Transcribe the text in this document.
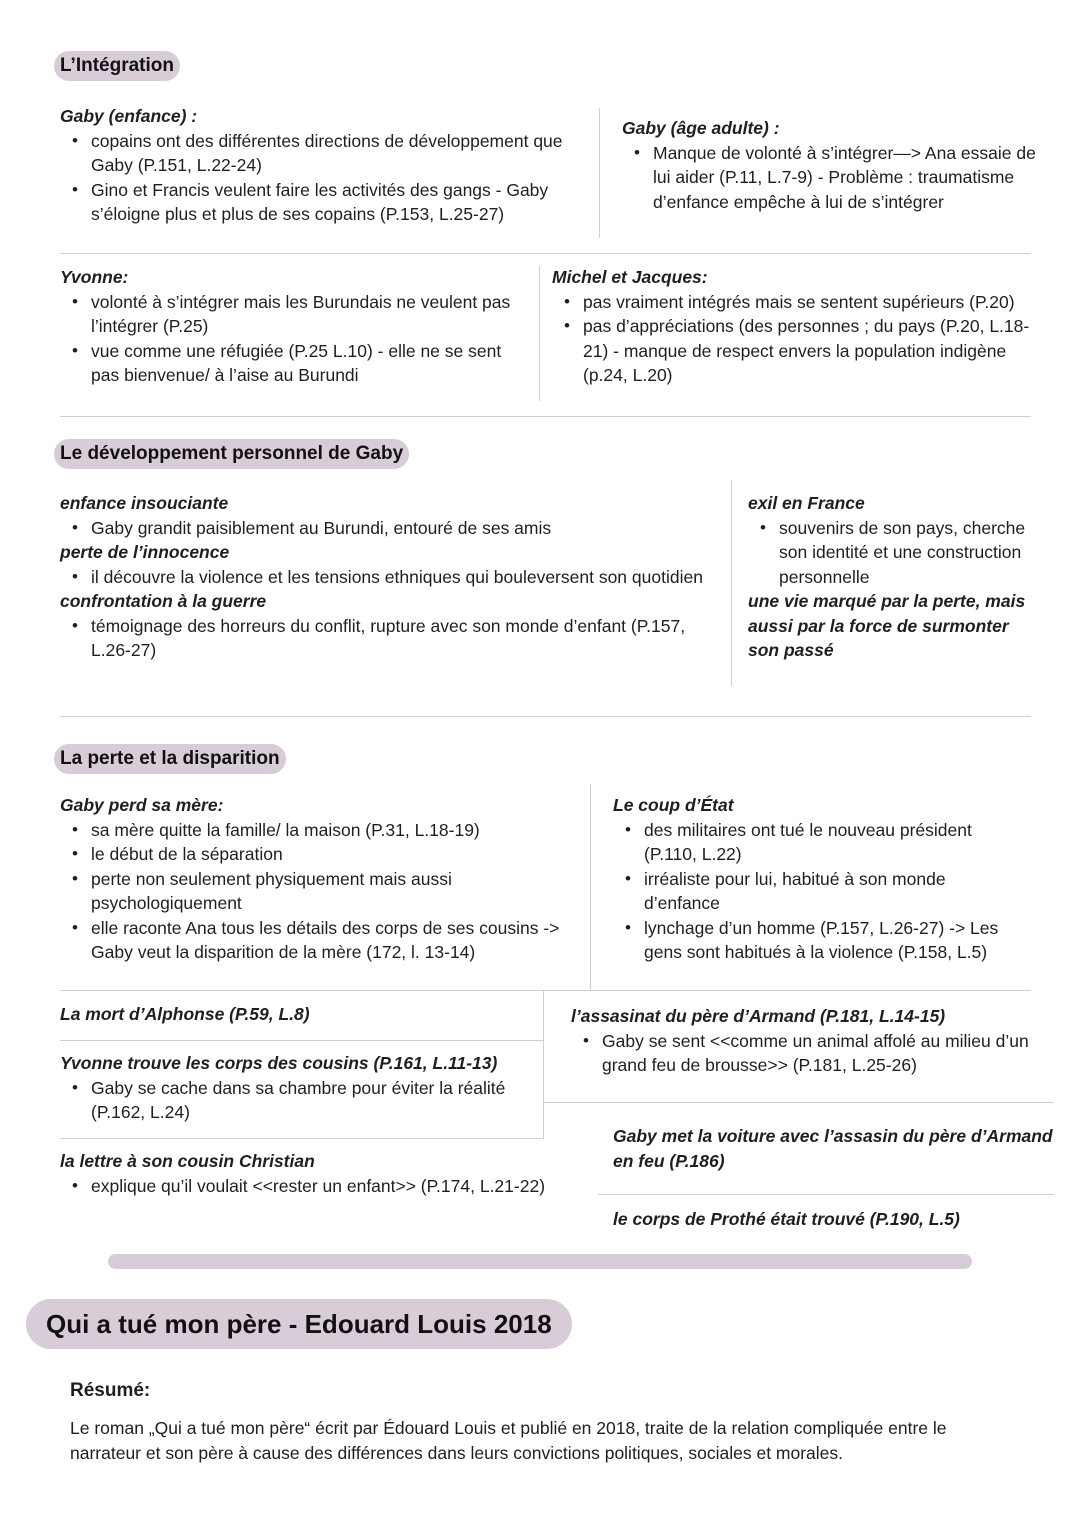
L’Intégration
Gaby (enfance) :
• copains ont des différentes directions de développement que Gaby (P.151, L.22-24)
• Gino et Francis veulent faire les activités des gangs - Gaby s’éloigne plus et plus de ses copains (P.153, L.25-27)
Gaby (âge adulte) :
• Manque de volonté à s’intégrer—> Ana essaie de lui aider (P.11, L.7-9) - Problème : traumatisme d’enfance empêche à lui de s’intégrer
Yvonne:
• volonté à s’intégrer mais les Burundais ne veulent pas l’intégrer (P.25)
• vue comme une réfugiée (P.25 L.10) - elle ne se sent pas bienvenue/ à l’aise au Burundi
Michel et Jacques:
• pas vraiment intégrés mais se sentent supérieurs (P.20)
• pas d’appréciations (des personnes ; du pays (P.20, L.18-21) - manque de respect envers la population indigène (p.24, L.20)
Le développement personnel de Gaby
enfance insouciante
• Gaby grandit paisiblement au Burundi, entouré de ses amis
perte de l’innocence
• il découvre la violence et les tensions ethniques qui bouleversent son quotidien
confrontation à la guerre
• témoignage des horreurs du conflit, rupture avec son monde d’enfant (P.157, L.26-27)
exil en France
• souvenirs de son pays, cherche son identité et une construction personnelle
une vie marqué par la perte, mais aussi par la force de surmonter son passé
La perte et la disparition
Gaby perd sa mère:
• sa mère quitte la famille/ la maison (P.31, L.18-19)
• le début de la séparation
• perte non seulement physiquement mais aussi psychologiquement
• elle raconte Ana tous les détails des corps de ses cousins -> Gaby veut la disparition de la mère (172, l. 13-14)
Le coup d’État
• des militaires ont tué le nouveau président (P.110, L.22)
• irréaliste pour lui, habitué à son monde d’enfance
• lynchage d’un homme (P.157, L.26-27) -> Les gens sont habitués à la violence (P.158, L.5)
La mort d’Alphonse (P.59, L.8)
Yvonne trouve les corps des cousins (P.161, L.11-13)
• Gaby se cache dans sa chambre pour éviter la réalité (P.162, L.24)
la lettre à son cousin Christian
• explique qu’il voulait <<rester un enfant>> (P.174, L.21-22)
l’assasinat du père d’Armand (P.181, L.14-15)
• Gaby se sent <<comme un animal affolé au milieu d’un grand feu de brousse>> (P.181, L.25-26)
Gaby met la voiture avec l’assasin du père d’Armand en feu (P.186)
le corps de Prothé était trouvé (P.190, L.5)
Qui a tué mon père - Edouard Louis 2018
Résumé:
Le roman „Qui a tué mon père“ écrit par Édouard Louis et publié en 2018, traite de la relation compliquée entre le narrateur et son père à cause des différences dans leurs convictions politiques, sociales et morales.
